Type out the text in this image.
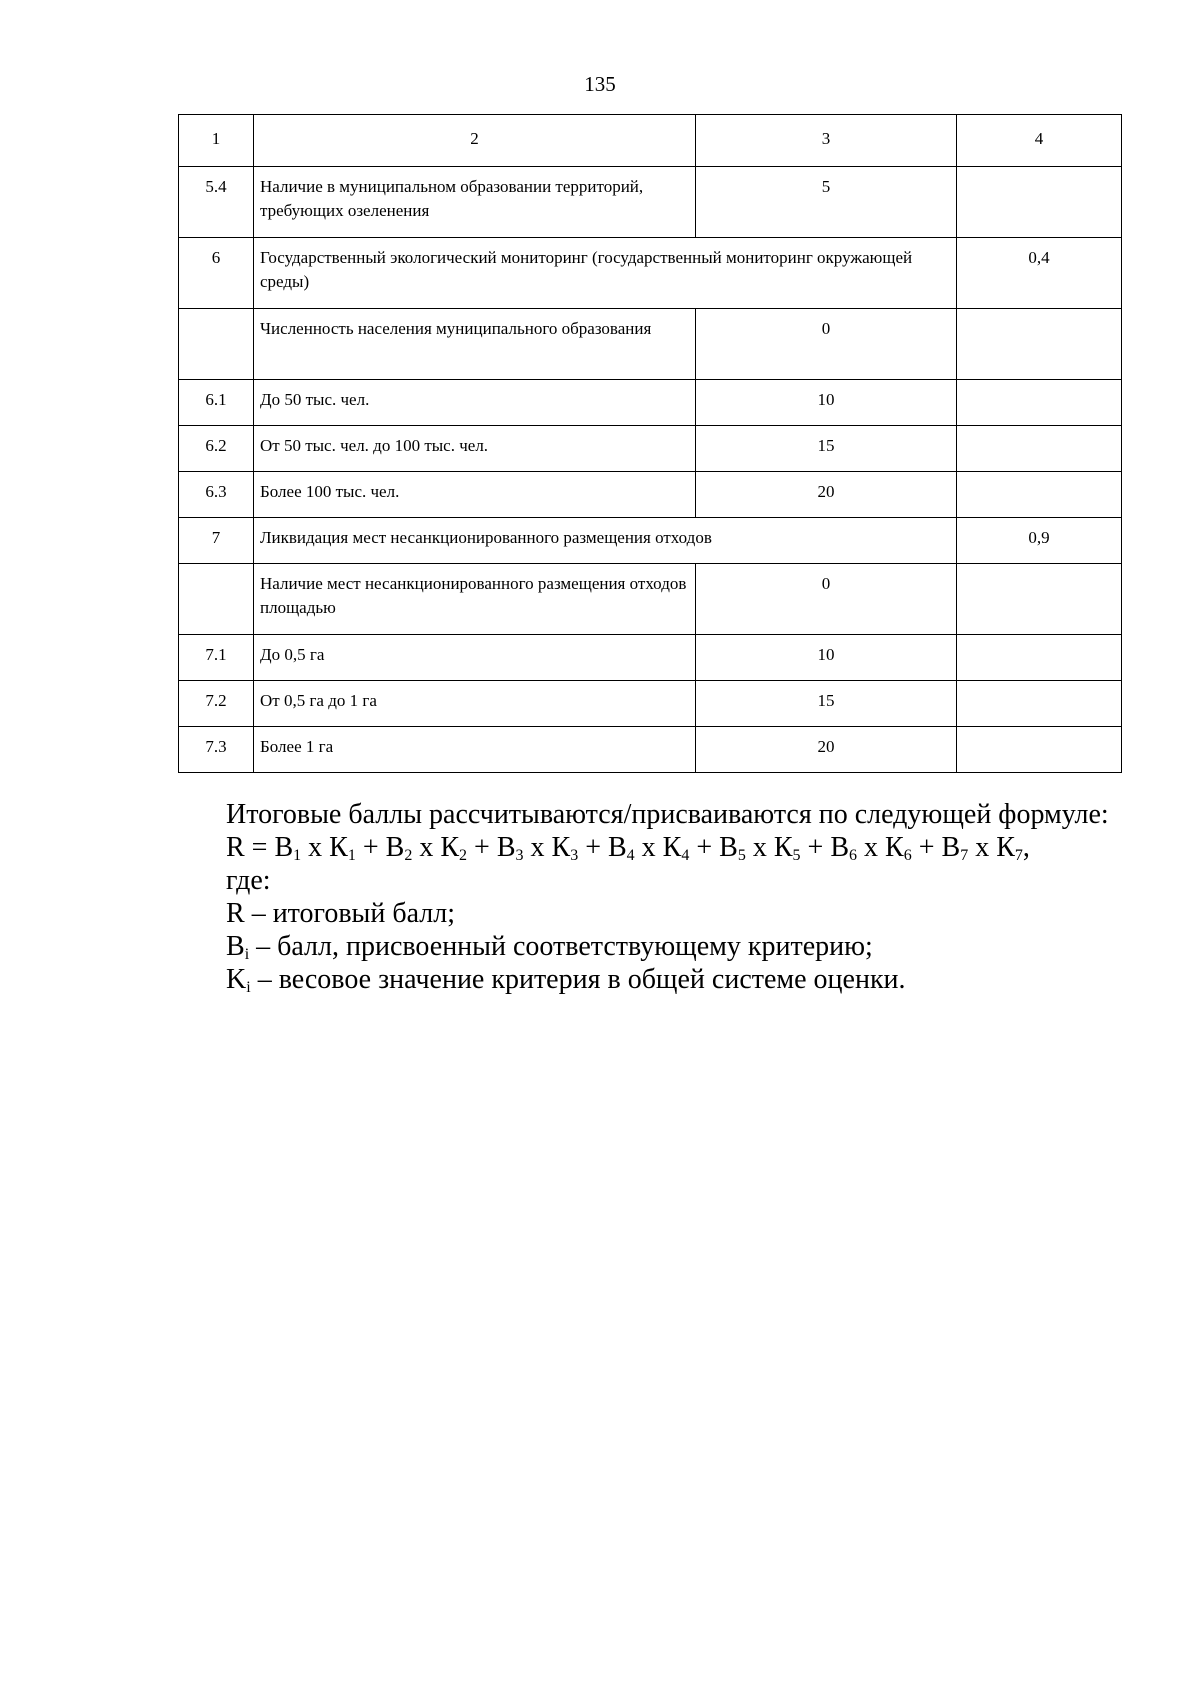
135
1	2	3	4
5.4	Наличие в муниципальном образовании территорий, требующих озеленения	5	
6	Государственный экологический мониторинг (государственный мониторинг окружающей среды)		0,4
	Численность населения муниципального образования	0	
6.1	До 50 тыс. чел.	10	
6.2	От 50 тыс. чел. до 100 тыс. чел.	15	
6.3	Более 100 тыс. чел.	20	
7	Ликвидация мест несанкционированного размещения отходов		0,9
	Наличие мест несанкционированного размещения отходов площадью	0	
7.1	До 0,5 га	10	
7.2	От 0,5 га до 1 га	15	
7.3	Более 1 га	20	

Итоговые баллы рассчитываются/присваиваются по следующей формуле:

$R = B_1$ x $К_1 + B_2$ x $К_2 + B_3$ x $К_3 + B_4$ x $К_4 + B_5$ x $К_5 + B_6$ x $К_6 + B_7$ x $К_7$,

где:

R – итоговый балл;

$B_i$ – балл, присвоенный соответствующему критерию;

$K_i$ – весовое значение критерия в общей системе оценки.
